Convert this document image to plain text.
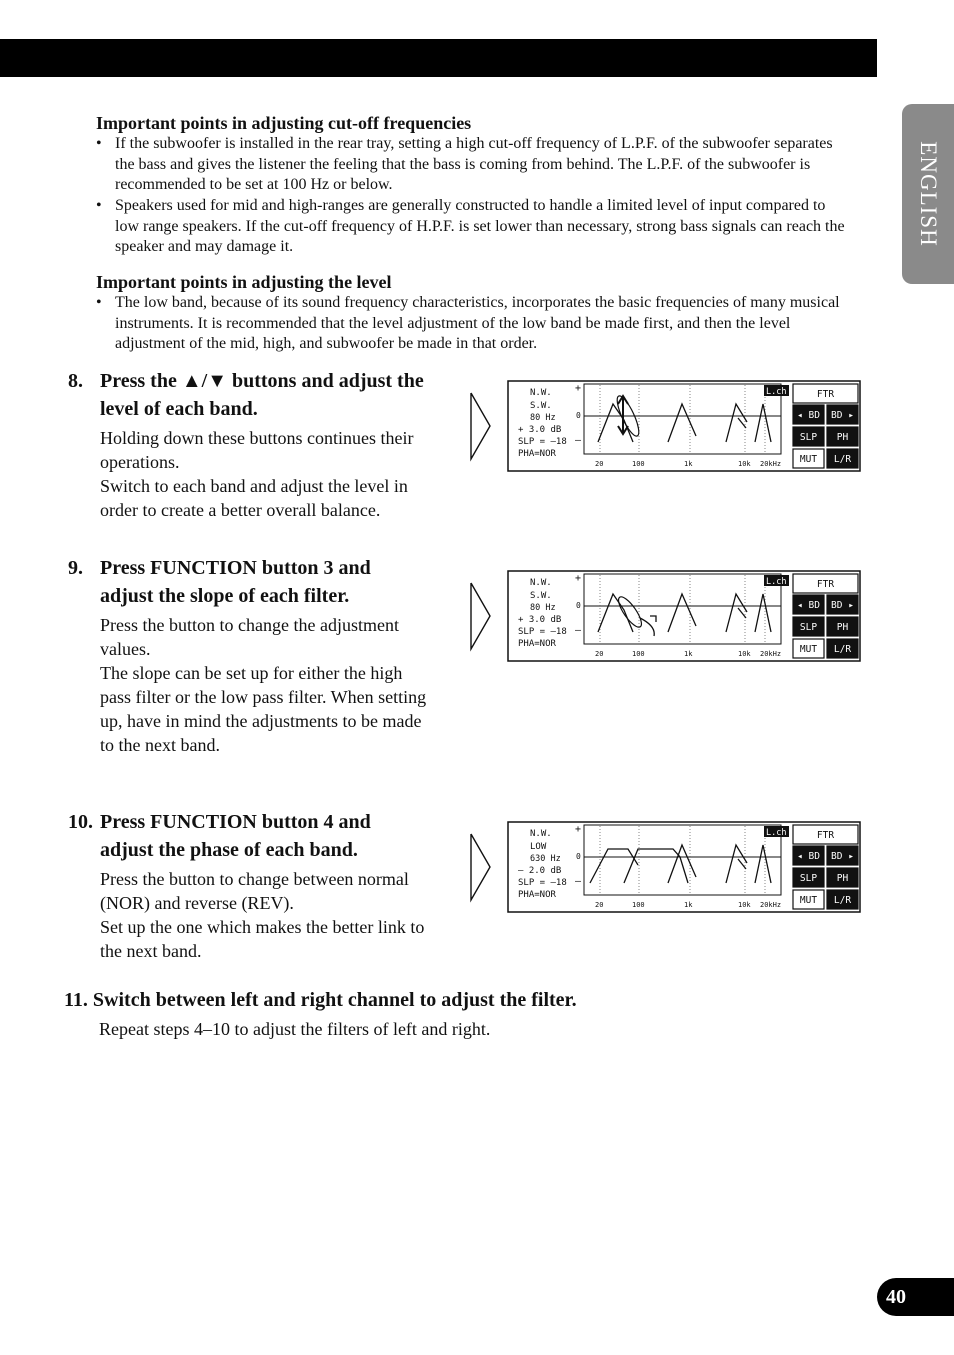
ENGLISH
Important points in adjusting cut-off frequencies
• If the subwoofer is installed in the rear tray, setting a high cut-off frequency of L.P.F. of the subwoofer separates the bass and gives the listener the feeling that the bass is coming from behind. The L.P.F. of the subwoofer is recommended to be set at 100 Hz or below.
• Speakers used for mid and high-ranges are generally constructed to handle a limited level of input compared to low range speakers. If the cut-off frequency of H.P.F. is set lower than necessary, strong bass signals can reach the speaker and may damage it.
Important points in adjusting the level
• The low band, because of its sound frequency characteristics, incorporates the basic frequencies of many musical instruments. It is recommended that the level adjustment of the low band be made first, and then the level adjustment of the mid, high, and subwoofer be made in that order.
8. Press the ▲/▼ buttons and adjust the level of each band.

Holding down these buttons continues their operations.

Switch to each band and adjust the level in order to create a better overall balance.

9. Press FUNCTION button 3 and adjust the slope of each filter.

Press the button to change the adjustment values.

The slope can be set up for either the high pass filter or the low pass filter. When setting up, have in mind the adjustments to be made to the next band.

10. Press FUNCTION button 4 and adjust the phase of each band.

Press the button to change between normal (NOR) and reverse (REV).

Set up the one which makes the better link to the next band.

11. Switch between left and right channel to adjust the filter.

Repeat steps 4–10 to adjust the filters of left and right.

N.W.
S.W.
80 Hz
+ 3.0 dB
SLP = –18
PHA=NOR
+
0
–
20	100	1k	10k 20kHz
L.ch	FTR
◂ BD BD ▸
SLP PH
MUT L/R
N.W.
S.W.
80 Hz
+ 3.0 dB
SLP = –18
PHA=NOR
+
0
–
20	100	1k	10k 20kHz
L.ch	FTR
◂ BD BD ▸
SLP PH
MUT L/R
N.W.
LOW
630 Hz
– 2.0 dB
SLP = –18
PHA=NOR
+
0
–
20	100	1k	10k 20kHz
L.ch	FTR
◂ BD BD ▸
SLP PH
MUT L/R
40
